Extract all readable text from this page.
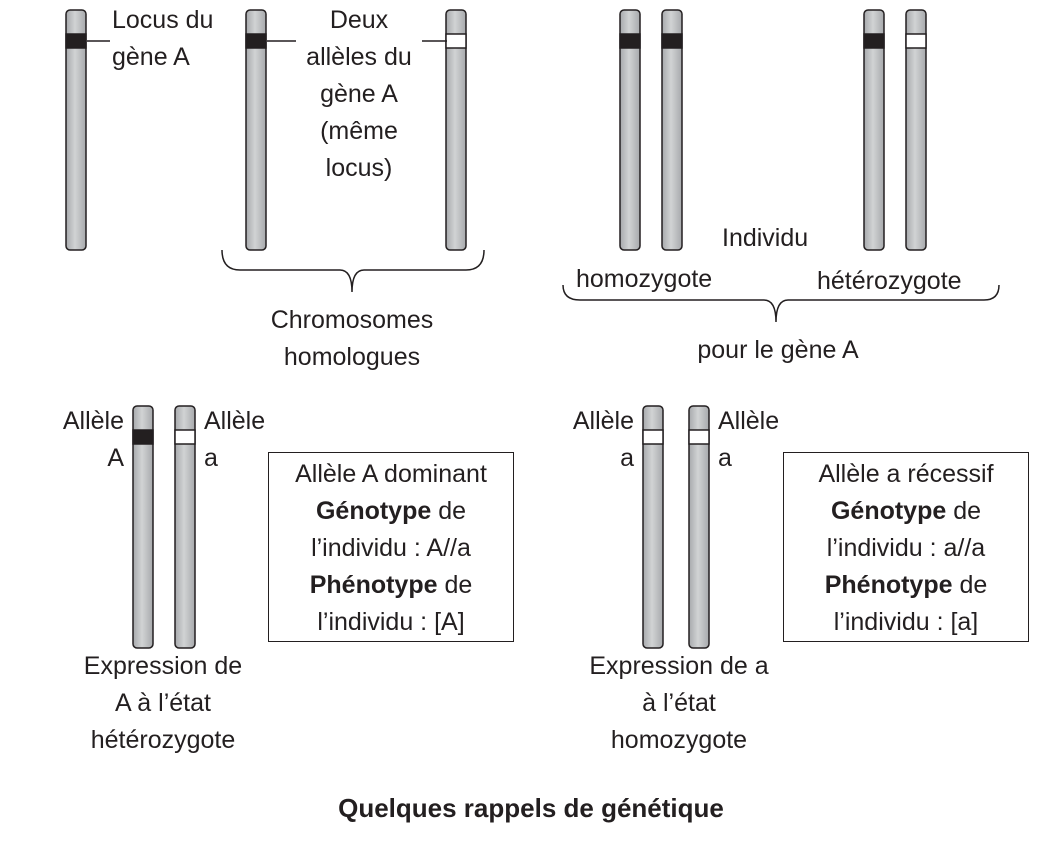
Locus du
gène A
Deux
allèles du
gène A
(même
locus)
Chromosomes
homologues
Individu
homozygote	hétérozygote
pour le gène A
Allèle
A
Allèle
a
Allèle A dominant
Génotype de
l’individu : A//a
Phénotype de
l’individu : [A]
Expression de
A à l’état
hétérozygote
Allèle
a
Allèle
a
Allèle a récessif
Génotype de
l’individu : a//a
Phénotype de
l’individu : [a]
Expression de a
à l’état
homozygote
Quelques rappels de génétique
